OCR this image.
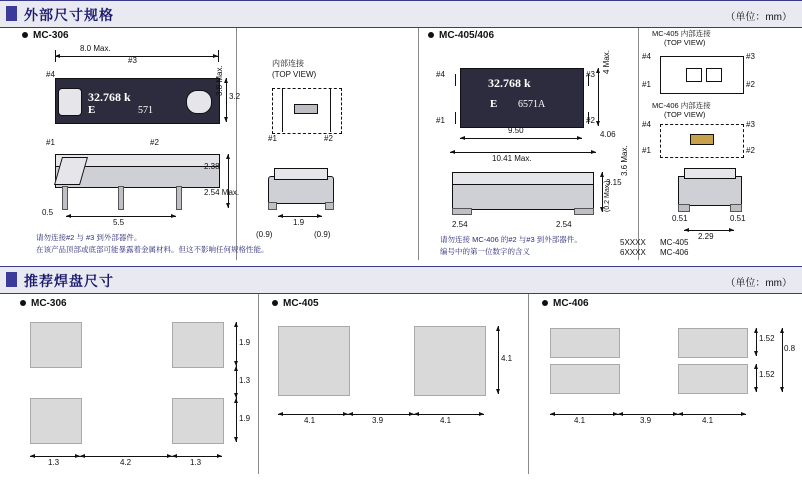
外部尺寸规格	（单位：mm）
MC-306
8.0 Max.
#3
#4
32.768 k
E	571
#1	#2
3.2
3.8 Max.
2.38
2.54 Max.
0.5
5.5
请勿连接#2 与 #3 到外部器件。
在该产品顶部或底部可能暴露着金属材料。但这不影响任何规格性能。
内部连接
(TOP VIEW)
#1	#2
1.9
(0.9)	(0.9)
MC-405/406
#4
#1
#3
#2
32.768 k
E 6571A
4 Max.
4.06
9.50
10.41 Max.
3.15
3.6 Max.
(0.2 Max.)
2.54	2.54
请勿连接 MC-406 的#2 与#3 到外部器件。
编号中的第一位数字的含义
5XXXX MC-405
6XXXX MC-406
0.51	0.51
2.29
MC-405 内部连接
(TOP VIEW)
#4
#1
#3
#2
MC-406 内部连接
(TOP VIEW)
#4
#1
#3
#2
推荐焊盘尺寸	（单位：mm）
MC-306
1.9
1.3
1.9
1.3	4.2	1.3
MC-405
4.1
4.1	3.9	4.1
MC-406
1.52
1.52
0.8
4.1	3.9	4.1
